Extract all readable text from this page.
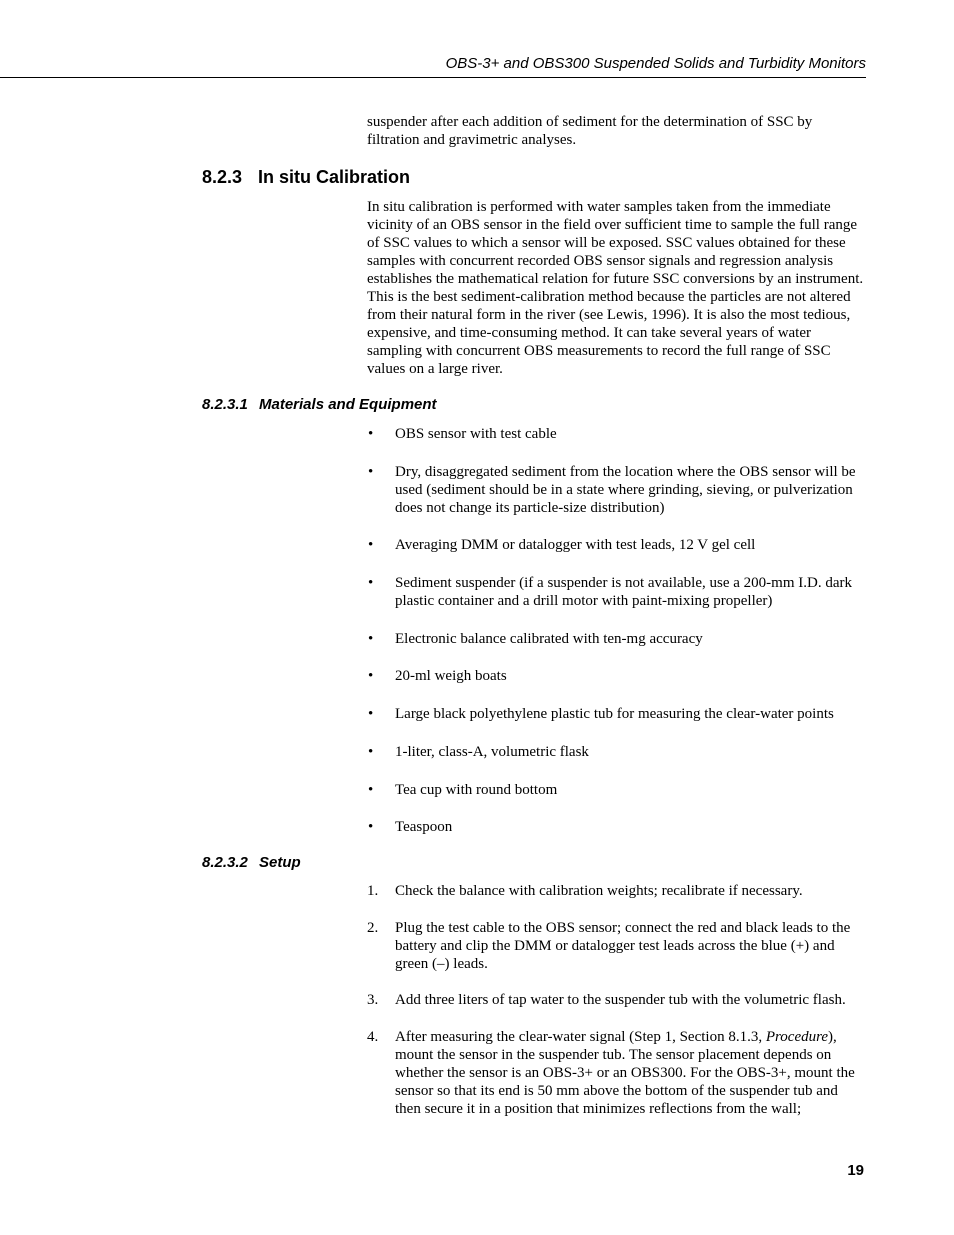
OBS-3+ and OBS300 Suspended Solids and Turbidity Monitors

suspender after each addition of sediment for the determination of SSC by filtration and gravimetric analyses.

8.2.3 In situ Calibration

In situ calibration is performed with water samples taken from the immediate vicinity of an OBS sensor in the field over sufficient time to sample the full range of SSC values to which a sensor will be exposed. SSC values obtained for these samples with concurrent recorded OBS sensor signals and regression analysis establishes the mathematical relation for future SSC conversions by an instrument. This is the best sediment-calibration method because the particles are not altered from their natural form in the river (see Lewis, 1996). It is also the most tedious, expensive, and time-consuming method. It can take several years of water sampling with concurrent OBS measurements to record the full range of SSC values on a large river.

8.2.3.1 Materials and Equipment
• OBS sensor with test cable
• Dry, disaggregated sediment from the location where the OBS sensor will be used (sediment should be in a state where grinding, sieving, or pulverization does not change its particle-size distribution)
• Averaging DMM or datalogger with test leads, 12 V gel cell
• Sediment suspender (if a suspender is not available, use a 200-mm I.D. dark plastic container and a drill motor with paint-mixing propeller)
• Electronic balance calibrated with ten-mg accuracy
• 20-ml weigh boats
• Large black polyethylene plastic tub for measuring the clear-water points
• 1-liter, class-A, volumetric flask
• Tea cup with round bottom
• Teaspoon
8.2.3.2 Setup
1. Check the balance with calibration weights; recalibrate if necessary.
2. Plug the test cable to the OBS sensor; connect the red and black leads to the battery and clip the DMM or datalogger test leads across the blue (+) and green (–) leads.
3. Add three liters of tap water to the suspender tub with the volumetric flash.
4. After measuring the clear-water signal (Step 1, Section 8.1.3, Procedure), mount the sensor in the suspender tub. The sensor placement depends on whether the sensor is an OBS-3+ or an OBS300. For the OBS-3+, mount the sensor so that its end is 50 mm above the bottom of the suspender tub and then secure it in a position that minimizes reflections from the wall;
19
